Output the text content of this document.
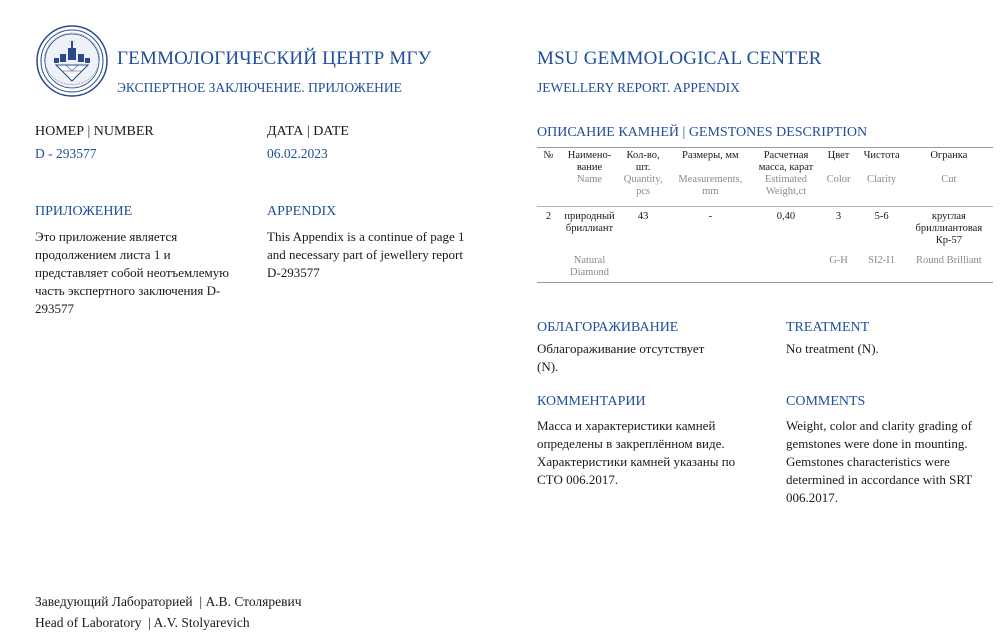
ГЕММОЛОГИЧЕСКИЙ ЦЕНТР МГУ
ЭКСПЕРТНОЕ ЗАКЛЮЧЕНИЕ. ПРИЛОЖЕНИЕ
MSU GEMMOLOGICAL CENTER
JEWELLERY REPORT. APPENDIX
НОМЕР | NUMBER
D - 293577
ДАТА | DATE
06.02.2023
ПРИЛОЖЕНИЕ
Это приложение является продолжением листа 1 и представляет собой неотъемлемую часть экспертного заключения D-293577
APPENDIX
This Appendix is a continue of page 1 and necessary part of jewellery report D-293577
ОПИСАНИЕ КАМНЕЙ | GEMSTONES DESCRIPTION

№	Наимено-вание	Кол-во, шт.	Размеры, мм	Расчетная масса, карат	Цвет	Чистота	Огранка
	Name	Quantity, pcs	Measurements, mm	Estimated Weight,ct	Color	Clarity	Cut

2	природный бриллиант	43	-	0,40	3	5-6	круглая бриллиантовая Кр-57
	Natural Diamond				G-H	SI2-I1	Round Brilliant

ОБЛАГОРАЖИВАНИЕ
Облагораживание отсутствует (N).
TREATMENT
No treatment (N).
КОММЕНТАРИИ
Масса и характеристики камней определены в закреплённом виде. Характеристики камней указаны по СТО 006.2017.
COMMENTS
Weight, color and clarity grading of gemstones were done in mounting. Gemstones characteristics were determined in accordance with SRT 006.2017.
Заведующий Лабораторией  | А.В. Столяревич
Head of Laboratory  | A.V. Stolyarevich
